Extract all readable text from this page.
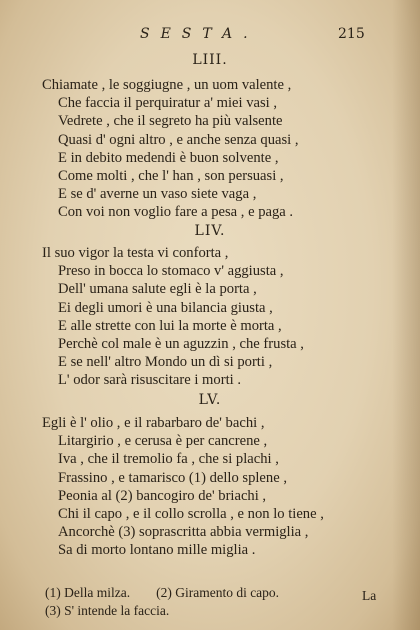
SESTA.	215
LIII.
Chiamate , le soggiugne , un uom valente ,
Che faccia il perquiratur a' miei vasi ,
Vedrete , che il segreto ha più valsente
Quasi d' ogni altro , e anche senza quasi ,
E in debito medendi è buon solvente ,
Come molti , che l' han , son persuasi ,
E se d' averne un vaso siete vaga ,
Con voi non voglio fare a pesa , e paga .
LIV.
Il suo vigor la testa vi conforta ,
Preso in bocca lo stomaco v' aggiusta ,
Dell' umana salute egli è la porta ,
Ei degli umori è una bilancia giusta ,
E alle strette con lui la morte è morta ,
Perchè col male è un aguzzin , che frusta ,
E se nell' altro Mondo un dì si porti ,
L' odor sarà risuscitare i morti .
LV.
Egli è l' olio , e il rabarbaro de' bachi ,
Litargirio , e cerusa è per cancrene ,
Iva , che il tremolio fa , che si plachi ,
Frassino , e tamarisco (1) dello splene ,
Peonia al (2) bancogiro de' briachi ,
Chi il capo , e il collo scrolla , e non lo tiene ,
Ancorchè (3) soprascritta abbia vermiglia ,
Sa di morto lontano mille miglia .
(1) Della milza. (2) Giramento di capo.
(3) S' intende la faccia.
La
